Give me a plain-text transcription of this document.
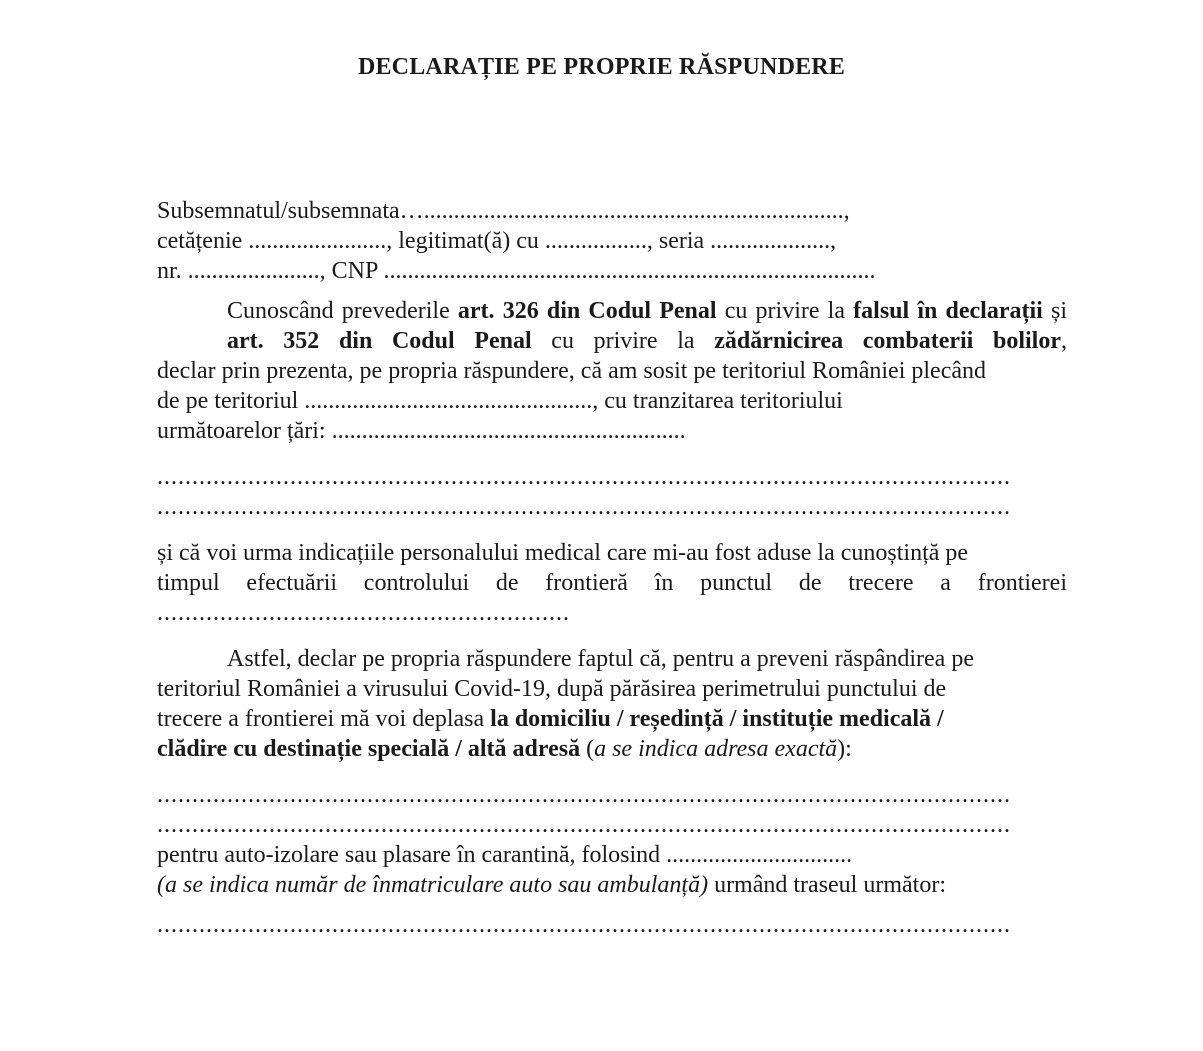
DECLARAȚIE PE PROPRIE RĂSPUNDERE
Subsemnatul/subsemnata…......................................................................,
cetățenie ......................., legitimat(ă) cu ................., seria ....................,
nr. ......................, CNP ..................................................................................
Cunoscând prevederile art. 326 din Codul Penal cu privire la falsul în declarații și art. 352 din Codul Penal cu privire la zădărnicirea combaterii bolilor,
declar prin prezenta, pe propria răspundere, că am sosit pe teritoriul României plecând
de pe teritoriul ................................................, cu tranzitarea teritoriului
următoarelor țări: ...........................................................
..........................................................................................................................
..........................................................................................................................
și că voi urma indicațiile personalului medical care mi-au fost aduse la cunoștință pe
timpul efectuării controlului de frontieră în punctul de trecere a frontierei
...........................................................
Astfel, declar pe propria răspundere faptul că, pentru a preveni răspândirea pe
teritoriul României a virusului Covid-19, după părăsirea perimetrului punctului de
trecere a frontierei mă voi deplasa la domiciliu / reședință / instituție medicală /
clădire cu destinație specială / altă adresă (a se indica adresa exactă):
..........................................................................................................................
..........................................................................................................................
pentru auto-izolare sau plasare în carantină, folosind ...............................
(a se indica număr de înmatriculare auto sau ambulanță) urmând traseul următor:
..........................................................................................................................
